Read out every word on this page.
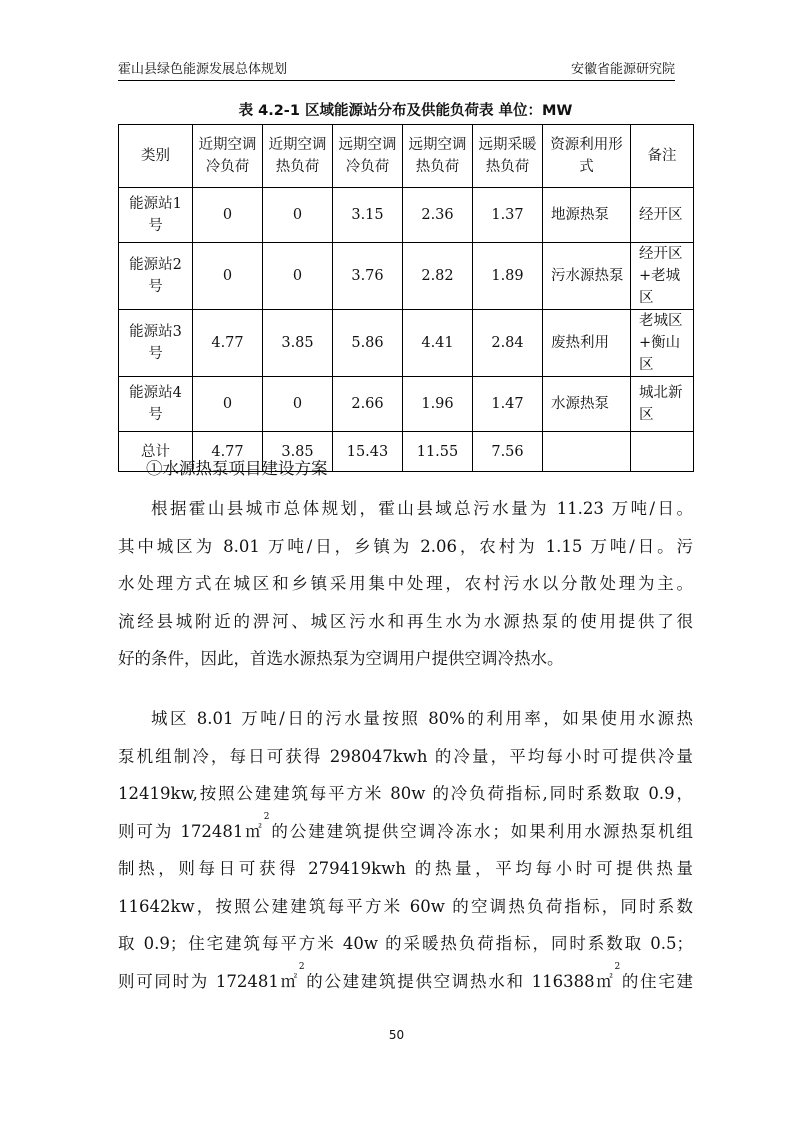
霍山县绿色能源发展总体规划	安徽省能源研究院
表 4.2-1 区域能源站分布及供能负荷表 单位：MW
类别	近期空调冷负荷	近期空调热负荷	远期空调冷负荷	远期空调热负荷	远期采暖热负荷	资源利用形式	备注
能源站1号	0	0	3.15	2.36	1.37	地源热泵	经开区
能源站2号	0	0	3.76	2.82	1.89	污水源热泵	经开区+老城区
能源站3号	4.77	3.85	5.86	4.41	2.84	废热利用	老城区+衡山区
能源站4号	0	0	2.66	1.96	1.47	水源热泵	城北新区
总计	4.77	3.85	15.43	11.55	7.56		
①水源热泵项目建设方案

根据霍山县城市总体规划，霍山县域总污水量为 11.23 万吨/日。

其中城区为 8.01 万吨/日，乡镇为 2.06，农村为 1.15 万吨/日。污

水处理方式在城区和乡镇采用集中处理，农村污水以分散处理为主。

流经县城附近的淠河、城区污水和再生水为水源热泵的使用提供了很

好的条件，因此，首选水源热泵为空调用户提供空调冷热水。

城区 8.01 万吨/日的污水量按照 80%的利用率，如果使用水源热

泵机组制冷，每日可获得 298047kwh 的冷量，平均每小时可提供冷量

12419kw,按照公建建筑每平方米 80w 的冷负荷指标,同时系数取 0.9，

则可为 172481㎡$^2$的公建建筑提供空调冷冻水；如果利用水源热泵机组

制热，则每日可获得 279419kwh 的热量，平均每小时可提供热量

11642kw，按照公建建筑每平方米 60w 的空调热负荷指标，同时系数

取 0.9；住宅建筑每平方米 40w 的采暖热负荷指标，同时系数取 0.5；

则可同时为 172481㎡$^2$的公建建筑提供空调热水和 116388㎡$^2$的住宅建

50
